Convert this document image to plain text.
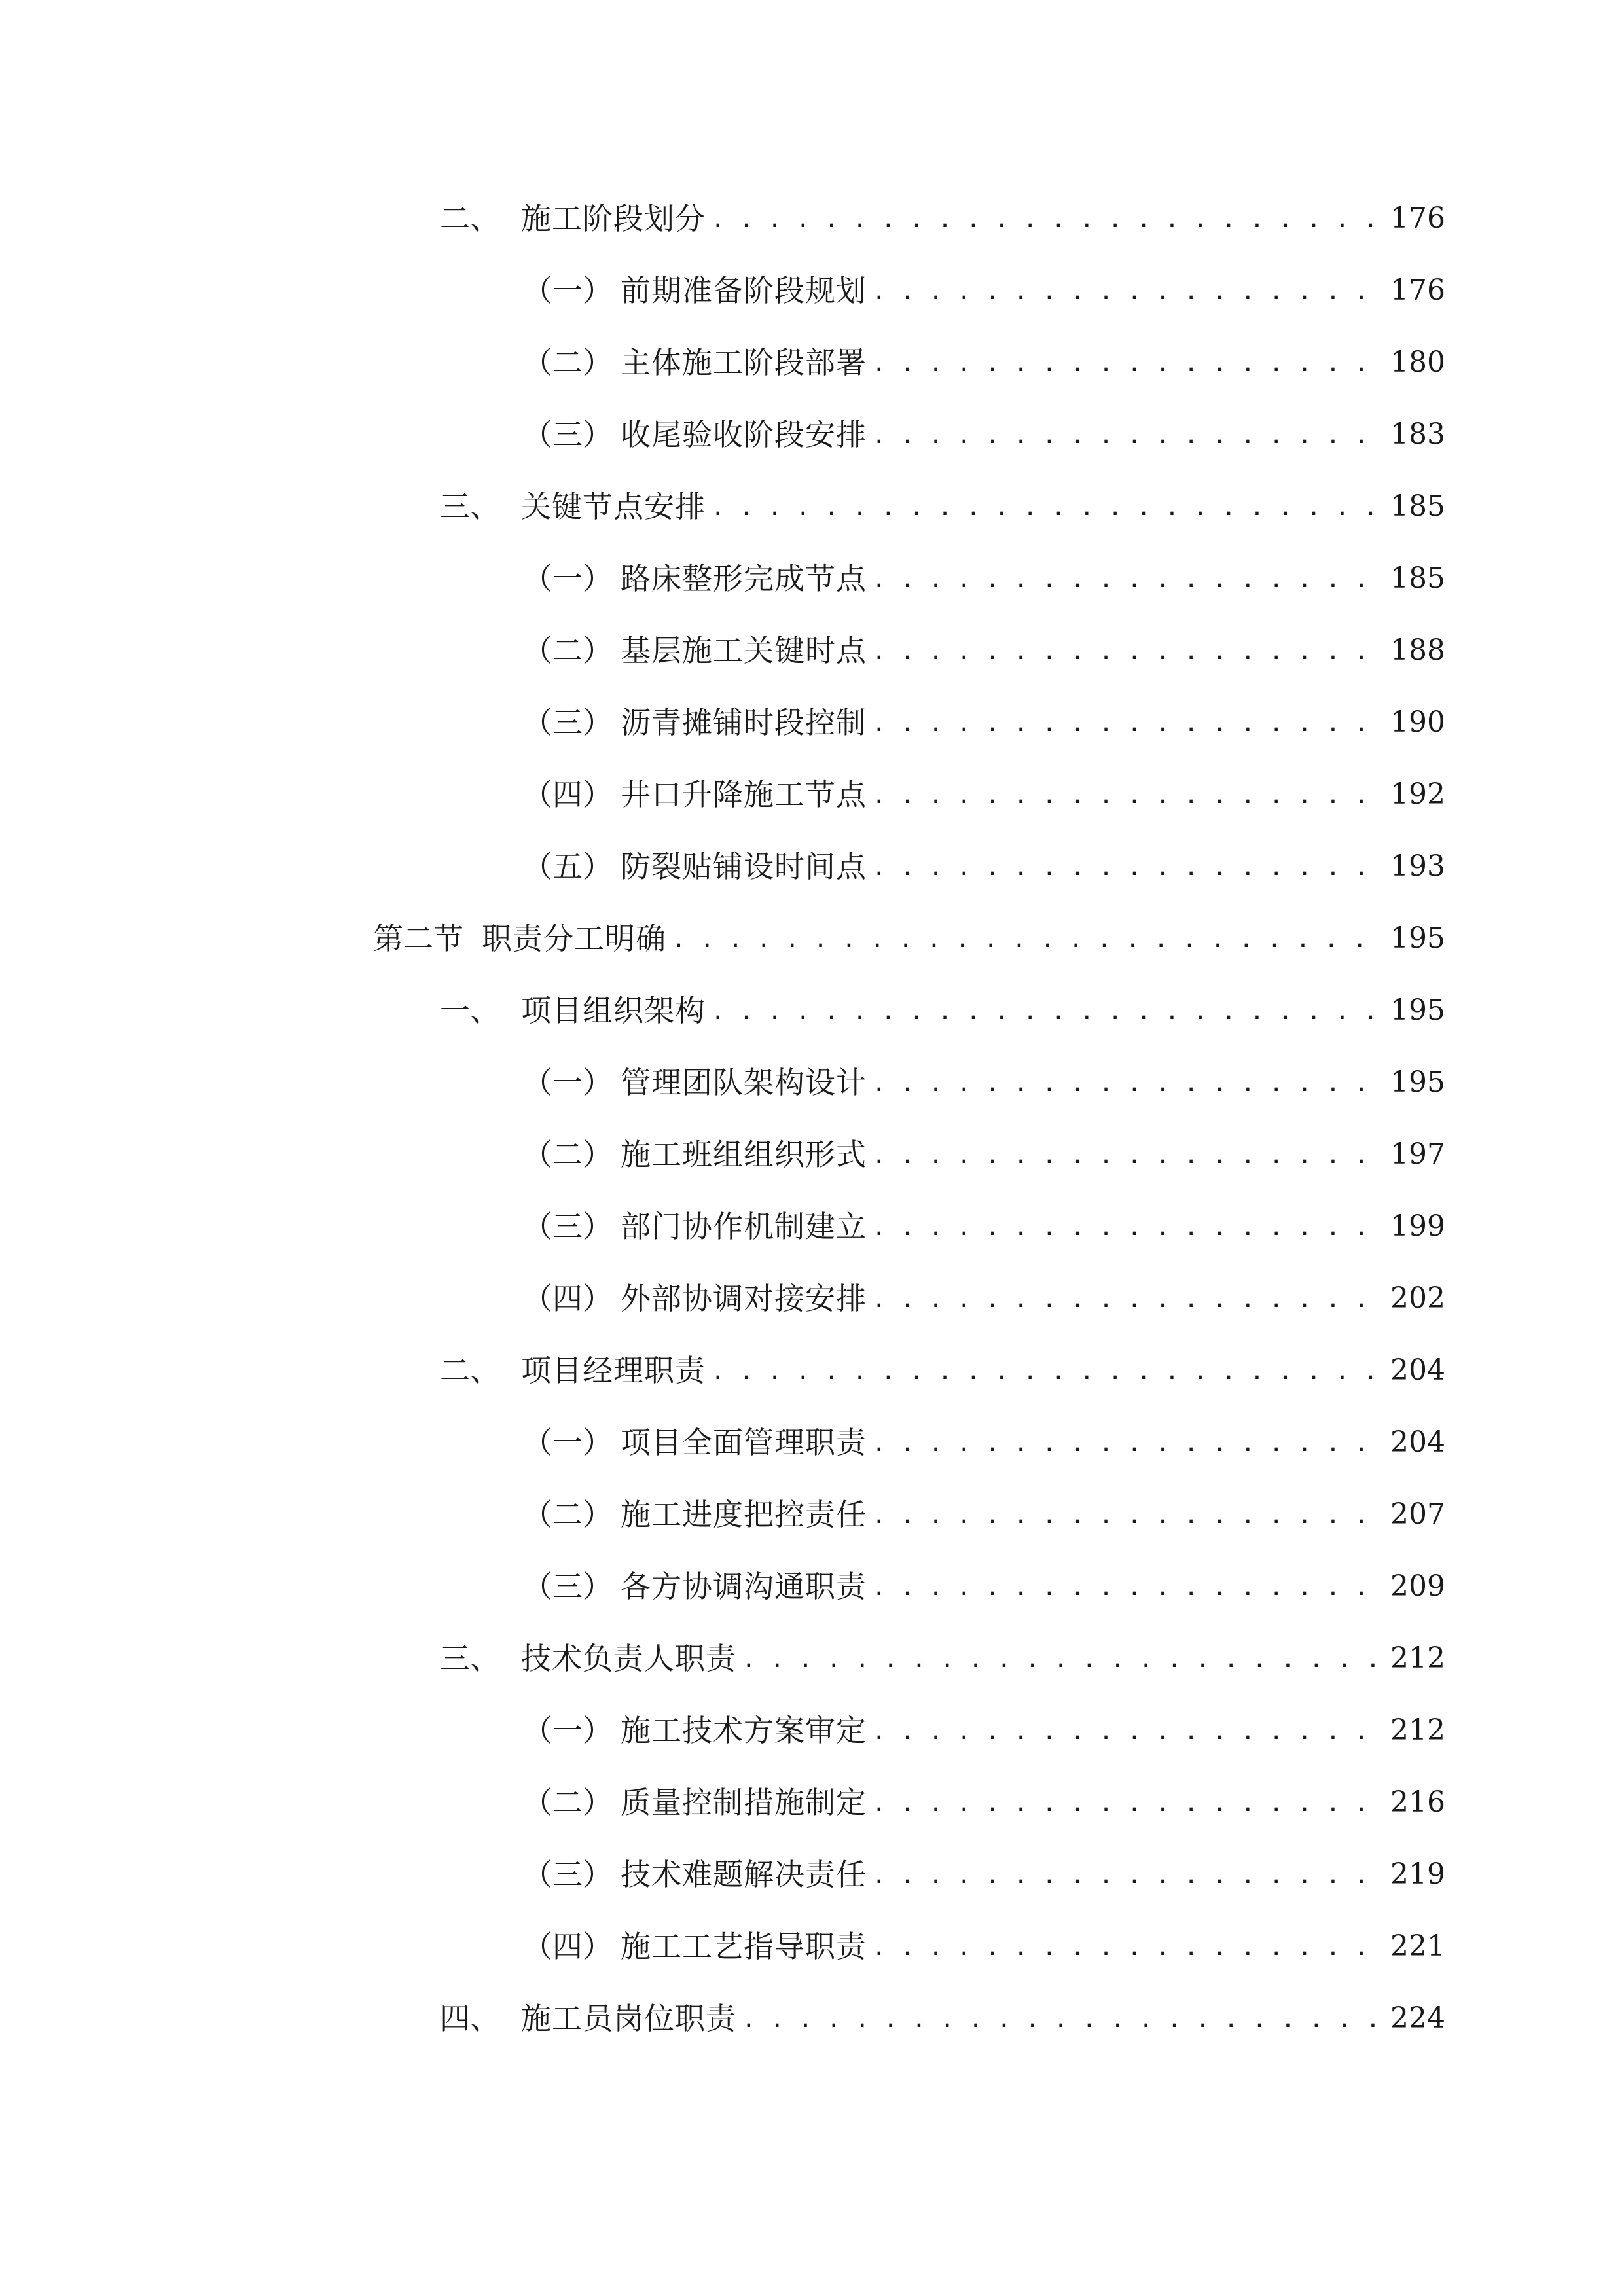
二、 施工阶段划分 . . .	176
（一） 前期准备阶段规划 . . .	176
（二） 主体施工阶段部署 . . .	180
（三） 收尾验收阶段安排 . . .	183
三、 关键节点安排 . . .	185
（一） 路床整形完成节点 . . .	185
（二） 基层施工关键时点 . . .	188
（三） 沥青摊铺时段控制 . . .	190
（四） 井口升降施工节点 . . .	192
（五） 防裂贴铺设时间点 . . .	193
第二节 职责分工明确 . . .	195
一、 项目组织架构 . . .	195
（一） 管理团队架构设计 . . .	195
（二） 施工班组组织形式 . . .	197
（三） 部门协作机制建立 . . .	199
（四） 外部协调对接安排 . . .	202
二、 项目经理职责 . . .	204
（一） 项目全面管理职责 . . .	204
（二） 施工进度把控责任 . . .	207
（三） 各方协调沟通职责 . . .	209
三、 技术负责人职责 . . .	212
（一） 施工技术方案审定 . . .	212
（二） 质量控制措施制定 . . .	216
（三） 技术难题解决责任 . . .	219
（四） 施工工艺指导职责 . . .	221
四、 施工员岗位职责 . . .	224
